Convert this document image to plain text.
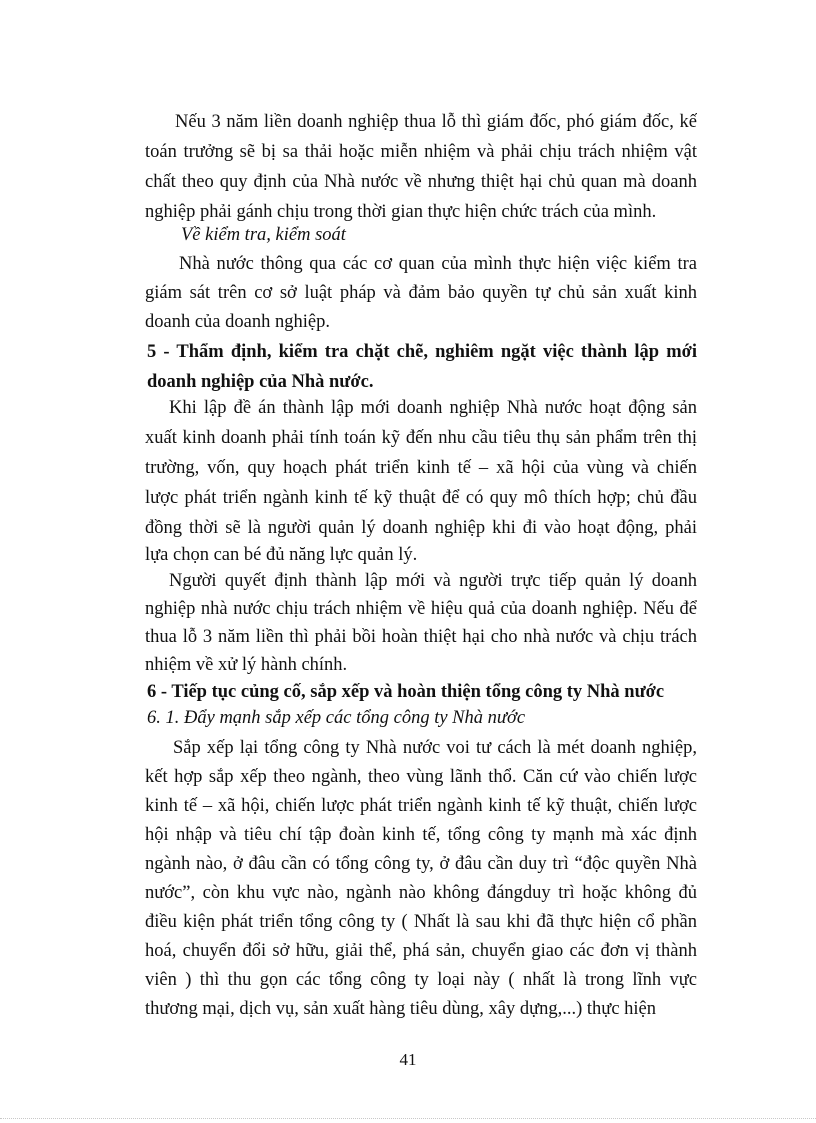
Nếu 3 năm liền doanh nghiệp thua lỗ thì giám đốc, phó giám đốc, kế
toán trưởng sẽ bị sa thải hoặc miễn nhiệm và phải chịu trách nhiệm vật
chất theo quy định của Nhà nước về nhưng thiệt hại chủ quan mà doanh
nghiệp phải gánh chịu trong thời gian thực hiện chức trách của mình.
Về kiểm tra, kiểm soát
Nhà nước thông qua các cơ quan của mình thực hiện việc kiểm tra
giám sát trên cơ sở luật pháp và đảm bảo quyền tự chủ sản xuất kinh
doanh của doanh nghiệp.
5 - Thẩm định, kiểm tra chặt chẽ, nghiêm ngặt việc thành lập mới
doanh nghiệp của Nhà nước.
Khi lập đề án thành lập mới doanh nghiệp Nhà nước hoạt động sản
xuất kinh doanh phải tính toán kỹ đến nhu cầu tiêu thụ sản phẩm trên thị
trường, vốn, quy hoạch phát triển kinh tế – xã hội của vùng và chiến
lược phát triển ngành kinh tế kỹ thuật để có quy mô thích hợp; chủ đầu
đồng thời sẽ là người quản lý doanh nghiệp khi đi vào hoạt động, phải
lựa chọn can bé đủ năng lực quản lý.
Người quyết định thành lập mới và người trực tiếp quản lý doanh
nghiệp nhà nước chịu trách nhiệm về hiệu quả của doanh nghiệp. Nếu để
thua lỗ 3 năm liền thì phải bồi hoàn thiệt hại cho nhà nước và chịu trách
nhiệm về xử lý hành chính.
6 - Tiếp tục củng cố, sắp xếp và hoàn thiện tổng công ty Nhà nước
6. 1. Đẩy mạnh sắp xếp các tổng công ty Nhà nước
Sắp xếp lại tổng công ty Nhà nước voi tư cách là mét doanh nghiệp,
kết hợp sắp xếp theo ngành, theo vùng lãnh thổ. Căn cứ vào chiến lược
kinh tế – xã hội, chiến lược phát triển ngành kinh tế kỹ thuật, chiến lược
hội nhập và tiêu chí tập đoàn kinh tế, tổng công ty mạnh mà xác định
ngành nào, ở đâu cần có tổng công ty, ở đâu cần duy trì “độc quyền Nhà
nước”, còn khu vực nào, ngành nào không đángduy trì hoặc không đủ
điều kiện phát triển tổng công ty ( Nhất là sau khi đã thực hiện cổ phần
hoá, chuyển đổi sở hữu, giải thể, phá sản, chuyển giao các đơn vị thành
viên ) thì thu gọn các tổng công ty loại này ( nhất là trong lĩnh vực
thương mại, dịch vụ, sản xuất hàng tiêu dùng, xây dựng,...) thực hiện
41
